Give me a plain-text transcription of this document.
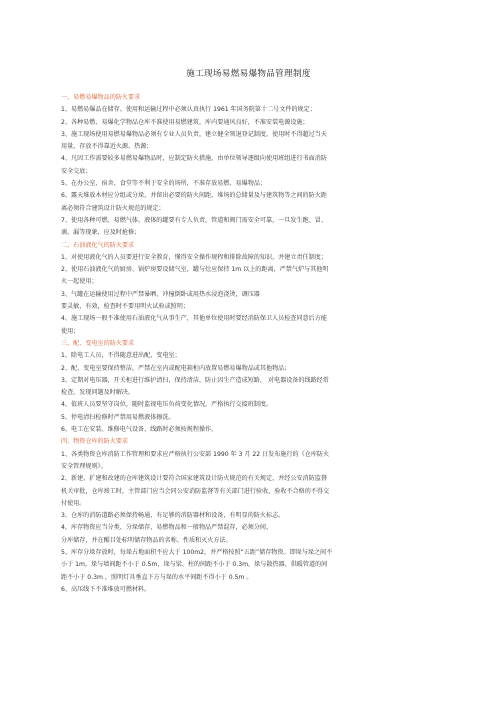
施工现场易燃易爆物品管理制度

一、易燃易爆物品的防火要求

1、易燃易爆品在储存、使用和运输过程中必须认真执行 1961 年国务院第十二号文件的规定；

2、各种易燃、易爆化学物品仓库不准使用易燃建筑，库内要通风良好，不准安装电源设施；

3、施工现场使用易燃易爆物品必须有专业人员负责，建立健全领退登记制度，使用时不得超过当天

用量，存放不得靠近火源、热源；

4、凡因工作需要较多易燃易爆物品时，应制定防火措施，由单位领导逐级向使用班组进行书面消防

安全交底；

5、在办公室、宿舍、食堂等不利于安全的场所，不准存放易燃、易爆物品；

6、露天堆放木材应分组或分垛，并留出必要的防火间距，堆场的总储量及与建筑物等之间的防火距

离必须符合建筑设计防火规范的规定；

7、使用各种可燃、易燃气体、液体的罐要有专人负责，管道和阀门需安全可靠，一旦发生跑、冒、

滴、漏等现象，应及时抢修；

二、石油液化气的防火要求

1、对使用液化气的人员要进行安全教育，懂得安全操作规程和排除故障的知识，并建立责任制度；

2、使用石油液化气的厨房、锅炉房要设储气室，罐与灶应保持 1m 以上的距离，严禁气炉与其他明

火一起使用；

3、气罐在运输使用过程中严禁暴晒，冲撞倒卧或用热水浸泡浇烫，调压器

要灵敏，有效，检查时不要用明火试验或照明；

4、施工现场一般不准使用石油液化气从事生产，其他单位使用时要经消防保卫人员检查同意后方能

使用；

三、配、变电室的防火要求

1、除电工人员，不得随意进出配、变电室；

2、配、变电室要保持整洁，严禁在室内或配电箱柜内放置易燃易爆物品或其他物品；

3、定期对电压器，开关柜进行维护清扫，保持清洁，防止因生产造成短路， 对电器设备的线路经常

检查，发现问题及时解决。

4、值班人员要坚守岗位，随时监视电压负荷变化情况，严格执行交接班制度。

5、停电清扫检修时严禁用易燃液体擦洗。

6、电工在安装、维修电气设备、线路时必须按规程操作。

四、物资仓库的防火要求

1、各类物资仓库消防工作管理和要求应严格执行公安部 1990 年 3 月 22 日发布施行的《仓库防火

安全管理规则》。

2、新建、扩建和改建的仓库建筑设计要符合国家建筑设计防火规范的有关规定，并经公安消防监督

机关审批，仓库竣工时，主管部门应当会同公安消防监督等有关部门进行验收，验收不合格的不得交

付使用。

3、仓库的消防道路必须保持畅通，有足够的消防器材和设备，有明显的防火标志。

4、库存物资应当分类、分垛储存，易燃物品和一般物品严禁混存，必须分间、

分库储存，并在醒目处标明储存物品的名称、性质和灭火方法。

5、库存分垛存放时，每垛占地面积不应大于 100m2，并严格按照“五距”储存物资。即垛与垛之间不

小于 1m，垛与墙间距不小于 0.5m，垛与梁、柱的间距不小于 0.3m，垛与散热器、供暖管道的间

距不小于 0.3m ，照明灯具垂直下方与垛的水平间距不得小于 0.5m 。

6、高压线下不准堆放可燃材料。
